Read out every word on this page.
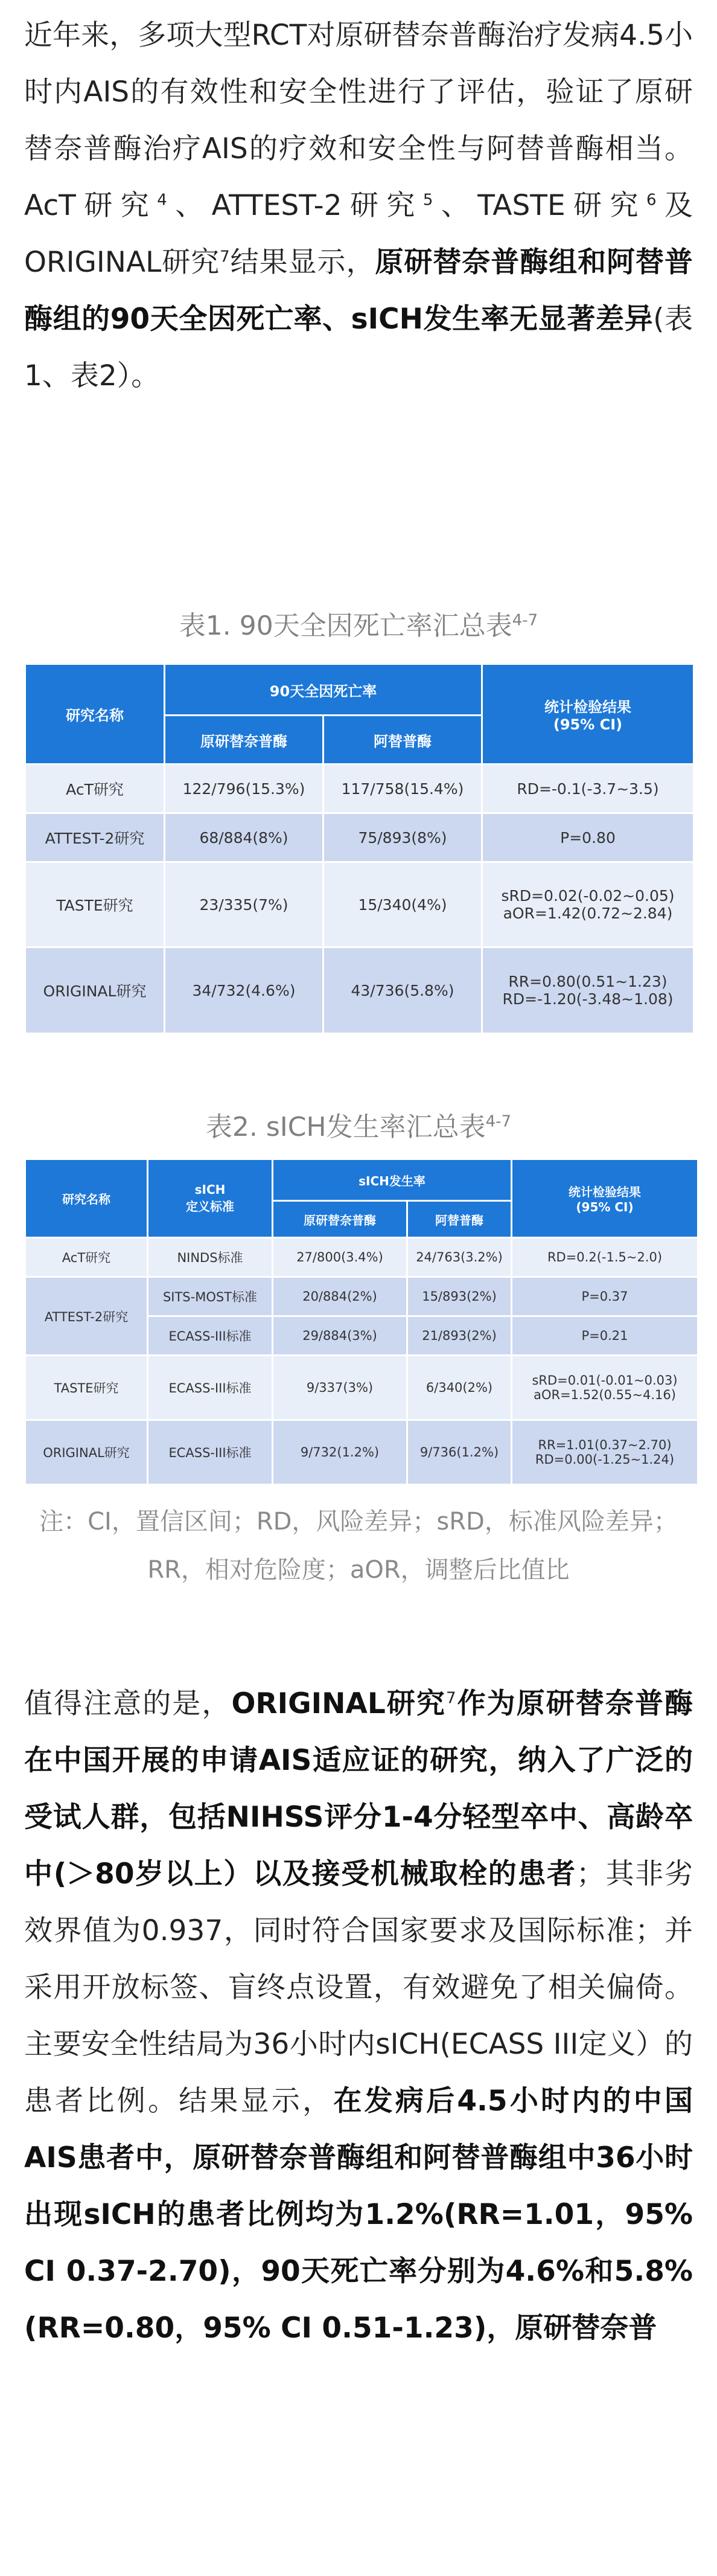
近年来，多项大型RCT对原研替奈普酶治疗发病4.5小时内AIS的有效性和安全性进行了评估，验证了原研替奈普酶治疗AIS的疗效和安全性与阿替普酶相当。AcT研究$^4$、ATTEST-2研究$^5$、TASTE研究$^6$及ORIGINAL研究$^7$结果显示，原研替奈普酶组和阿替普酶组的90天全因死亡率、sICH发生率无显著差异(表1、表2）。
表1. 90天全因死亡率汇总表$^{4-7}$
研究名称	90天全因死亡率		统计检验结果
(95% CI)
	原研替奈普酶	阿替普酶	
AcT研究	122/796(15.3%)	117/758(15.4%)	RD=-0.1(-3.7~3.5)
ATTEST-2研究	68/884(8%)	75/893(8%)	P=0.80
TASTE研究	23/335(7%)	15/340(4%)	sRD=0.02(-0.02~0.05)
aOR=1.42(0.72~2.84)
ORIGINAL研究	34/732(4.6%)	43/736(5.8%)	RR=0.80(0.51~1.23)
RD=-1.20(-3.48~1.08)
表2. sICH发生率汇总表$^{4-7}$
研究名称	sICH
定义标准	sICH发生率		统计检验结果
(95% CI)
		原研替奈普酶	阿替普酶	
AcT研究	NINDS标准	27/800(3.4%)	24/763(3.2%)	RD=0.2(-1.5~2.0)
ATTEST-2研究	SITS-MOST标准	20/884(2%)	15/893(2%)	P=0.37
	ECASS-III标准	29/884(3%)	21/893(2%)	P=0.21
TASTE研究	ECASS-III标准	9/337(3%)	6/340(2%)	sRD=0.01(-0.01~0.03)
aOR=1.52(0.55~4.16)
ORIGINAL研究	ECASS-III标准	9/732(1.2%)	9/736(1.2%)	RR=1.01(0.37~2.70)
RD=0.00(-1.25~1.24)
注：CI，置信区间；RD，风险差异；sRD，标准风险差异；
RR，相对危险度；aOR，调整后比值比
值得注意的是，ORIGINAL研究$^7$作为原研替奈普酶在中国开展的申请AIS适应证的研究，纳入了广泛的受试人群，包括NIHSS评分1-4分轻型卒中、高龄卒中(＞80岁以上）以及接受机械取栓的患者；其非劣效界值为0.937，同时符合国家要求及国际标准；并采用开放标签、盲终点设置，有效避免了相关偏倚。主要安全性结局为36小时内sICH(ECASS III定义）的患者比例。结果显示，在发病后4.5小时内的中国AIS患者中，原研替奈普酶组和阿替普酶组中36小时出现sICH的患者比例均为1.2%(RR=1.01，95% CI 0.37-2.70)，90天死亡率分别为4.6%和5.8%(RR=0.80，95% CI 0.51-1.23)，原研替奈普
